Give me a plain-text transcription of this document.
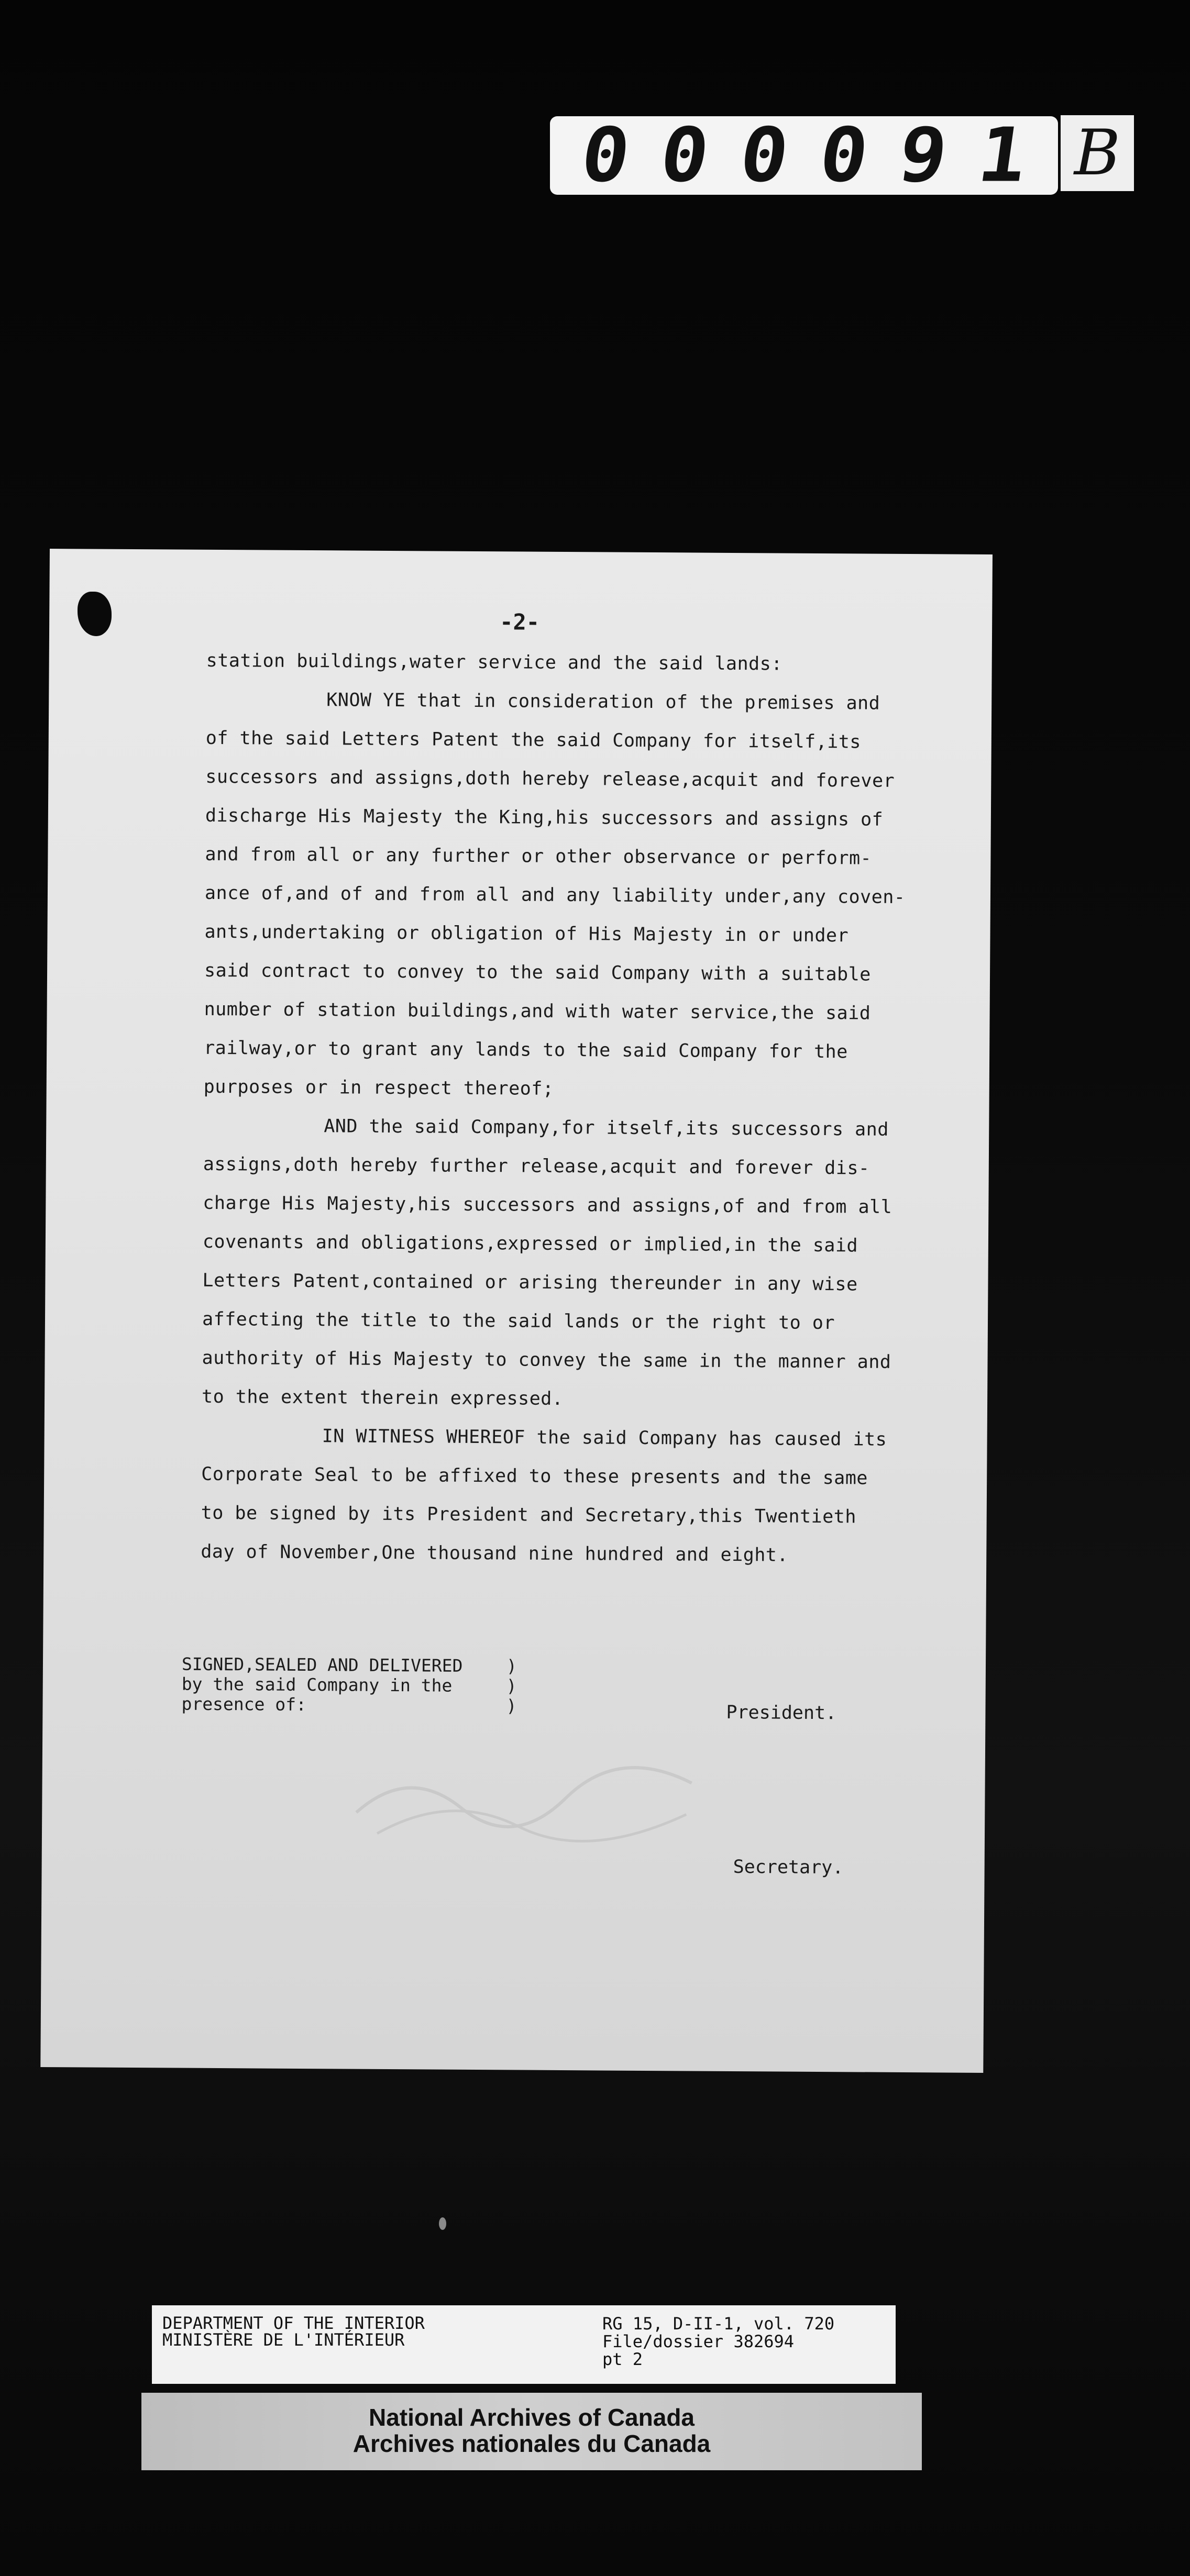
0 0 0 0 9 1 B
-2-
station buildings,water service and the said lands:
KNOW YE that in consideration of the premises and
of the said Letters Patent the said Company for itself,its
successors and assigns,doth hereby release,acquit and forever
discharge His Majesty the King,his successors and assigns of
and from all or any further or other observance or perform-
ance of,and of and from all and any liability under,any coven-
ants,undertaking or obligation of His Majesty in or under
said contract to convey to the said Company with a suitable
number of station buildings,and with water service,the said
railway,or to grant any lands to the said Company for the
purposes or in respect thereof;
AND the said Company,for itself,its successors and
assigns,doth hereby further release,acquit and forever dis-
charge His Majesty,his successors and assigns,of and from all
covenants and obligations,expressed or implied,in the said
Letters Patent,contained or arising thereunder in any wise
affecting the title to the said lands or the right to or
authority of His Majesty to convey the same in the manner and
to the extent therein expressed.
IN WITNESS WHEREOF the said Company has caused its
Corporate Seal to be affixed to these presents and the same
to be signed by its President and Secretary,this Twentieth
day of November,One thousand nine hundred and eight.
SIGNED,SEALED AND DELIVERED
by the said Company in the
presence of:
)
)
)	President.
Secretary.
DEPARTMENT OF THE INTERIOR
MINISTÈRE DE L'INTÉRIEUR
RG 15, D-II-1, vol. 720
File/dossier 382694
pt 2
National Archives of Canada
Archives nationales du Canada
